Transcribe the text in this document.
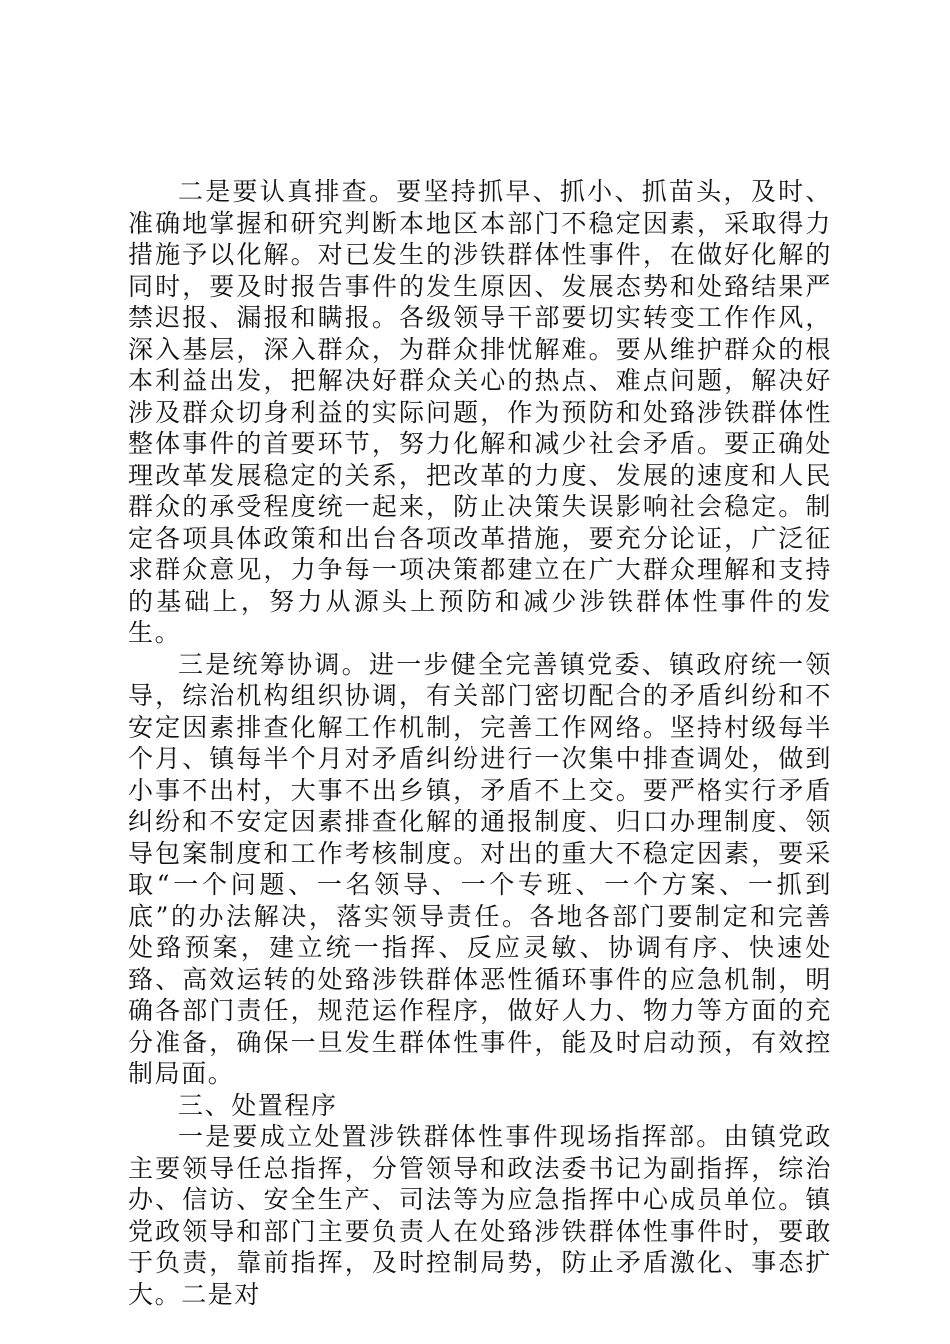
二是要认真排查。要坚持抓早、抓小、抓苗头，及时、准确地掌握和研究判断本地区本部门不稳定因素，采取得力措施予以化解。对已发生的涉铁群体性事件，在做好化解的同时，要及时报告事件的发生原因、发展态势和处臵结果严禁迟报、漏报和瞒报。各级领导干部要切实转变工作作风，深入基层，深入群众，为群众排忧解难。要从维护群众的根本利益出发，把解决好群众关心的热点、难点问题，解决好涉及群众切身利益的实际问题，作为预防和处臵涉铁群体性整体事件的首要环节，努力化解和减少社会矛盾。要正确处理改革发展稳定的关系，把改革的力度、发展的速度和人民群众的承受程度统一起来，防止决策失误影响社会稳定。制定各项具体政策和出台各项改革措施，要充分论证，广泛征求群众意见，力争每一项决策都建立在广大群众理解和支持的基础上，努力从源头上预防和减少涉铁群体性事件的发生。

三是统筹协调。进一步健全完善镇党委、镇政府统一领导，综治机构组织协调，有关部门密切配合的矛盾纠纷和不安定因素排查化解工作机制，完善工作网络。坚持村级每半个月、镇每半个月对矛盾纠纷进行一次集中排查调处，做到小事不出村，大事不出乡镇，矛盾不上交。要严格实行矛盾纠纷和不安定因素排查化解的通报制度、归口办理制度、领导包案制度和工作考核制度。对出的重大不稳定因素，要采取“一个问题、一名领导、一个专班、一个方案、一抓到底”的办法解决，落实领导责任。各地各部门要制定和完善处臵预案，建立统一指挥、反应灵敏、协调有序、快速处臵、高效运转的处臵涉铁群体恶性循环事件的应急机制，明确各部门责任，规范运作程序，做好人力、物力等方面的充分准备，确保一旦发生群体性事件，能及时启动预，有效控制局面。

三、处置程序

一是要成立处置涉铁群体性事件现场指挥部。由镇党政主要领导任总指挥，分管领导和政法委书记为副指挥，综治办、信访、安全生产、司法等为应急指挥中心成员单位。镇党政领导和部门主要负责人在处臵涉铁群体性事件时，要敢于负责，靠前指挥，及时控制局势，防止矛盾激化、事态扩大。二是对
